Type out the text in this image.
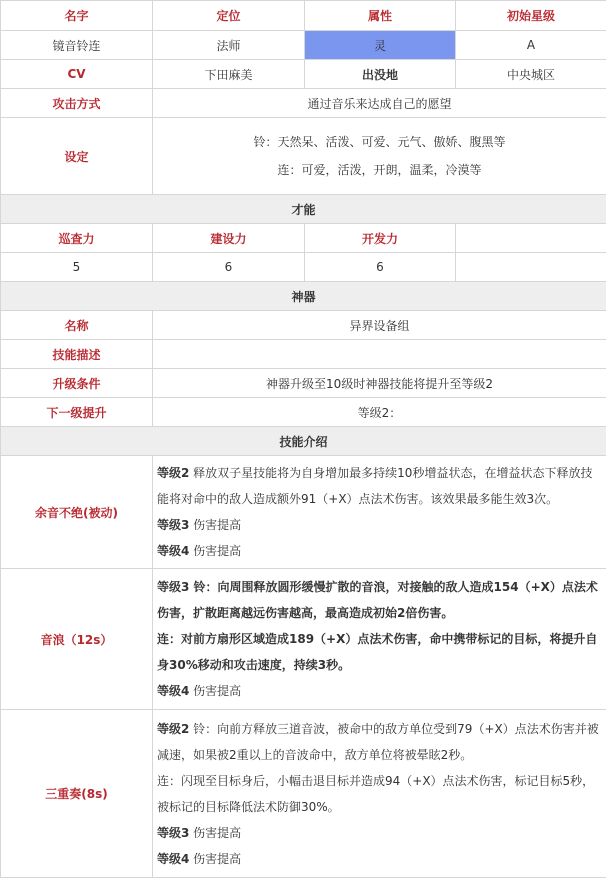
名字	定位	属性	初始星级
镜音铃连	法师	灵	A
CV	下田麻美	出没地	中央城区
攻击方式	通过音乐来达成自己的愿望		
设定	铃：天然呆、活泼、可爱、元气、傲娇、腹黑等
连：可爱，活泼，开朗，温柔，冷漠等		

才能			
巡查力	建设力	开发力	
5	6	6	
神器			
名称	异界设备组		
技能描述			
升级条件	神器升级至10级时神器技能将提升至等级2		
下一级提升	等级2：		
技能介绍			
余音不绝(被动)	等级2 释放双子星技能将为自身增加最多持续10秒增益状态，在增益状态下释放技能将对命中的敌人造成额外91（+X）点法术伤害。该效果最多能生效3次。

等级3 伤害提高

等级4 伤害提高		

音浪（12s）	等级3 铃：向周围释放圆形缓慢扩散的音浪，对接触的敌人造成154（+X）点法术伤害，扩散距离越远伤害越高，最高造成初始2倍伤害。

连：对前方扇形区域造成189（+X）点法术伤害，命中携带标记的目标，将提升自身30%移动和攻击速度，持续3秒。

等级4 伤害提高		

三重奏(8s)	等级2 铃：向前方释放三道音波，被命中的敌方单位受到79（+X）点法术伤害并被减速，如果被2重以上的音波命中，敌方单位将被晕眩2秒。

连：闪现至目标身后，小幅击退目标并造成94（+X）点法术伤害，标记目标5秒，被标记的目标降低法术防御30%。

等级3 伤害提高

等级4 伤害提高		
